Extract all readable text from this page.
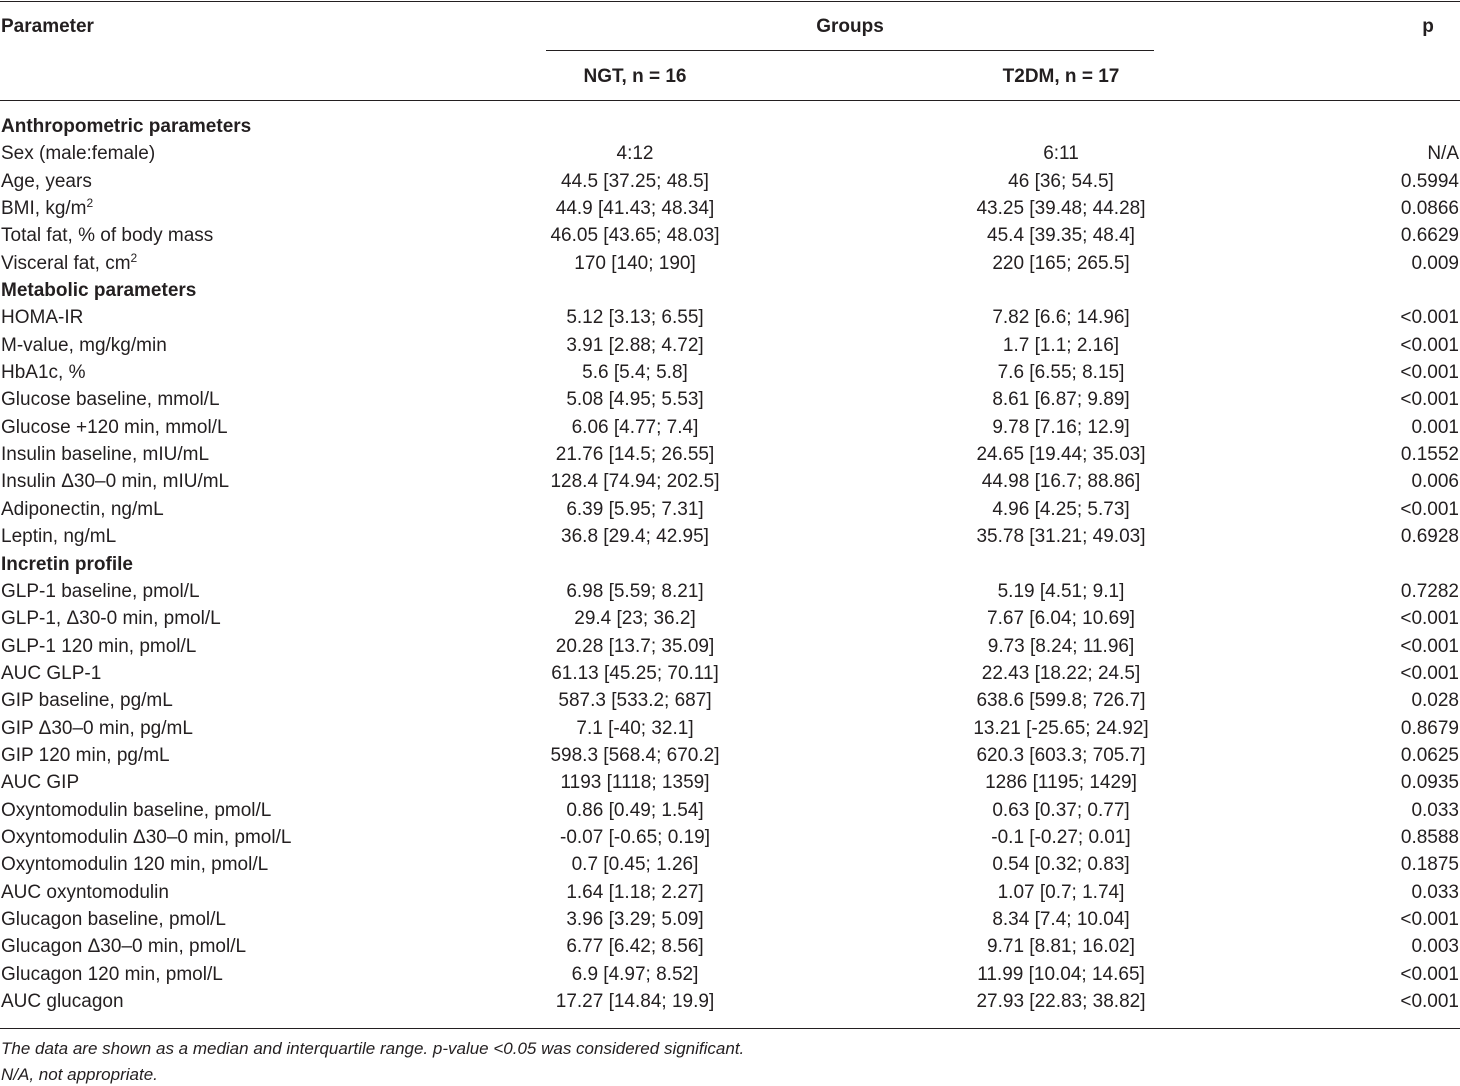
Parameter	Groups	p
NGT, n = 16	T2DM, n = 17
Anthropometric parameters
Sex (male:female)	4:12	6:11	N/A
Age, years	44.5 [37.25; 48.5]	46 [36; 54.5]	0.5994
BMI, $kg/m^2$	44.9 [41.43; 48.34]	43.25 [39.48; 44.28]	0.0866
Total fat, % of body mass	46.05 [43.65; 48.03]	45.4 [39.35; 48.4]	0.6629
Visceral fat, $cm^2$	170 [140; 190]	220 [165; 265.5]	0.009
Metabolic parameters
HOMA-IR	5.12 [3.13; 6.55]	7.82 [6.6; 14.96]	<0.001
M-value, mg/kg/min	3.91 [2.88; 4.72]	1.7 [1.1; 2.16]	<0.001
HbA1c, %	5.6 [5.4; 5.8]	7.6 [6.55; 8.15]	<0.001
Glucose baseline, mmol/L	5.08 [4.95; 5.53]	8.61 [6.87; 9.89]	<0.001
Glucose +120 min, mmol/L	6.06 [4.77; 7.4]	9.78 [7.16; 12.9]	0.001
Insulin baseline, mIU/mL	21.76 [14.5; 26.55]	24.65 [19.44; 35.03]	0.1552
Insulin Δ30–0 min, mIU/mL	128.4 [74.94; 202.5]	44.98 [16.7; 88.86]	0.006
Adiponectin, ng/mL	6.39 [5.95; 7.31]	4.96 [4.25; 5.73]	<0.001
Leptin, ng/mL	36.8 [29.4; 42.95]	35.78 [31.21; 49.03]	0.6928
Incretin profile
GLP-1 baseline, pmol/L	6.98 [5.59; 8.21]	5.19 [4.51; 9.1]	0.7282
GLP-1, Δ30-0 min, pmol/L	29.4 [23; 36.2]	7.67 [6.04; 10.69]	<0.001
GLP-1 120 min, pmol/L	20.28 [13.7; 35.09]	9.73 [8.24; 11.96]	<0.001
AUC GLP-1	61.13 [45.25; 70.11]	22.43 [18.22; 24.5]	<0.001
GIP baseline, pg/mL	587.3 [533.2; 687]	638.6 [599.8; 726.7]	0.028
GIP Δ30–0 min, pg/mL	7.1 [-40; 32.1]	13.21 [-25.65; 24.92]	0.8679
GIP 120 min, pg/mL	598.3 [568.4; 670.2]	620.3 [603.3; 705.7]	0.0625
AUC GIP	1193 [1118; 1359]	1286 [1195; 1429]	0.0935
Oxyntomodulin baseline, pmol/L	0.86 [0.49; 1.54]	0.63 [0.37; 0.77]	0.033
Oxyntomodulin Δ30–0 min, pmol/L	-0.07 [-0.65; 0.19]	-0.1 [-0.27; 0.01]	0.8588
Oxyntomodulin 120 min, pmol/L	0.7 [0.45; 1.26]	0.54 [0.32; 0.83]	0.1875
AUC oxyntomodulin	1.64 [1.18; 2.27]	1.07 [0.7; 1.74]	0.033
Glucagon baseline, pmol/L	3.96 [3.29; 5.09]	8.34 [7.4; 10.04]	<0.001
Glucagon Δ30–0 min, pmol/L	6.77 [6.42; 8.56]	9.71 [8.81; 16.02]	0.003
Glucagon 120 min, pmol/L	6.9 [4.97; 8.52]	11.99 [10.04; 14.65]	<0.001
AUC glucagon	17.27 [14.84; 19.9]	27.93 [22.83; 38.82]	<0.001
The data are shown as a median and interquartile range. p-value <0.05 was considered significant.
N/A, not appropriate.
